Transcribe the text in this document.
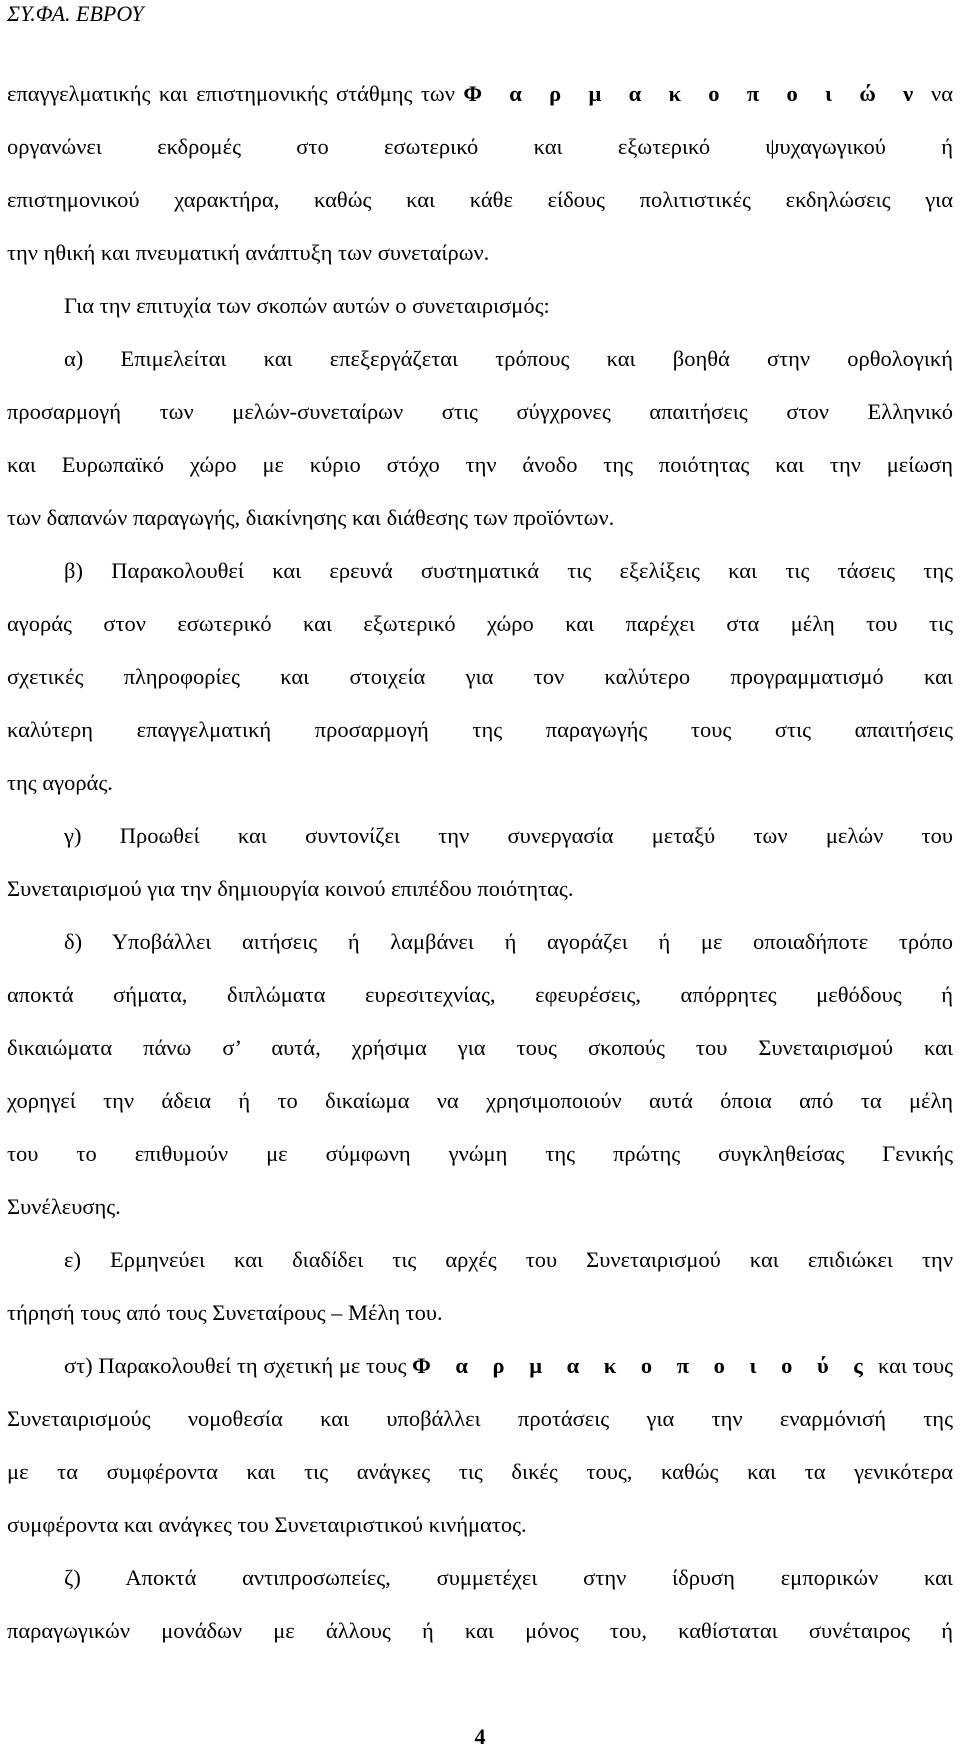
ΣΥ.ΦΑ. ΕΒΡΟΥ
επαγγελματικής και επιστημονικής στάθμης των Φ α ρ μ α κ ο π ο ι ώ ν να
οργανώνει εκδρομές στο εσωτερικό και εξωτερικό ψυχαγωγικού ή
επιστημονικού χαρακτήρα, καθώς και κάθε είδους πολιτιστικές εκδηλώσεις για
την ηθική και πνευματική ανάπτυξη των συνεταίρων.
Για την επιτυχία των σκοπών αυτών ο συνεταιρισμός:
α) Επιμελείται και επεξεργάζεται τρόπους και βοηθά στην ορθολογική
προσαρμογή των μελών-συνεταίρων στις σύγχρονες απαιτήσεις στον Ελληνικό
και Ευρωπαϊκό χώρο με κύριο στόχο την άνοδο της ποιότητας και την μείωση
των δαπανών παραγωγής, διακίνησης και διάθεσης των προϊόντων.
β) Παρακολουθεί και ερευνά συστηματικά τις εξελίξεις και τις τάσεις της
αγοράς στον εσωτερικό και εξωτερικό χώρο και παρέχει στα μέλη του τις
σχετικές πληροφορίες και στοιχεία για τον καλύτερο προγραμματισμό και
καλύτερη επαγγελματική προσαρμογή της παραγωγής τους στις απαιτήσεις
της αγοράς.
γ) Προωθεί και συντονίζει την συνεργασία μεταξύ των μελών του
Συνεταιρισμού για την δημιουργία κοινού επιπέδου ποιότητας.
δ) Υποβάλλει αιτήσεις ή λαμβάνει ή αγοράζει ή με οποιαδήποτε τρόπο
αποκτά σήματα, διπλώματα ευρεσιτεχνίας, εφευρέσεις, απόρρητες μεθόδους ή
δικαιώματα πάνω σ’ αυτά, χρήσιμα για τους σκοπούς του Συνεταιρισμού και
χορηγεί την άδεια ή το δικαίωμα να χρησιμοποιούν αυτά όποια από τα μέλη
του το επιθυμούν με σύμφωνη γνώμη της πρώτης συγκληθείσας Γενικής
Συνέλευσης.
ε) Ερμηνεύει και διαδίδει τις αρχές του Συνεταιρισμού και επιδιώκει την
τήρησή τους από τους Συνεταίρους – Μέλη του.
στ) Παρακολουθεί τη σχετική με τους Φ α ρ μ α κ ο π ο ι ο ύ ς και τους
Συνεταιρισμούς νομοθεσία και υποβάλλει προτάσεις για την εναρμόνισή της
με τα συμφέροντα και τις ανάγκες τις δικές τους, καθώς και τα γενικότερα
συμφέροντα και ανάγκες του Συνεταιριστικού κινήματος.
ζ) Αποκτά αντιπροσωπείες, συμμετέχει στην ίδρυση εμπορικών και
παραγωγικών μονάδων με άλλους ή και μόνος του, καθίσταται συνέταιρος ή
4
